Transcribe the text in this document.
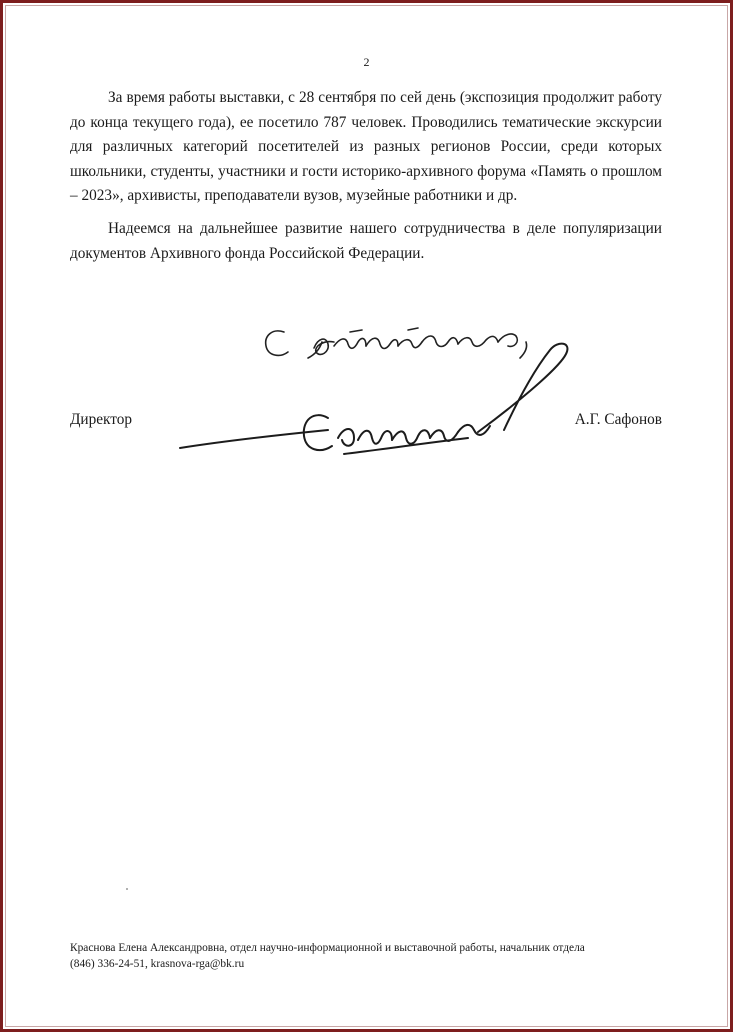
2

За время работы выставки, с 28 сентября по сей день (экспозиция продолжит работу до конца текущего года), ее посетило 787 человек. Проводились тематические экскурсии для различных категорий посетителей из разных регионов России, среди которых школьники, студенты, участники и гости историко-архивного форума «Память о прошлом – 2023», архивисты, преподаватели вузов, музейные работники и др.

Надеемся на дальнейшее развитие нашего сотрудничества в деле популяризации документов Архивного фонда Российской Федерации.

Директор	А.Г. Сафонов
Краснова Елена Александровна, отдел научно-информационной и выставочной работы, начальник отдела
(846) 336-24-51, krasnova-rga@bk.ru
